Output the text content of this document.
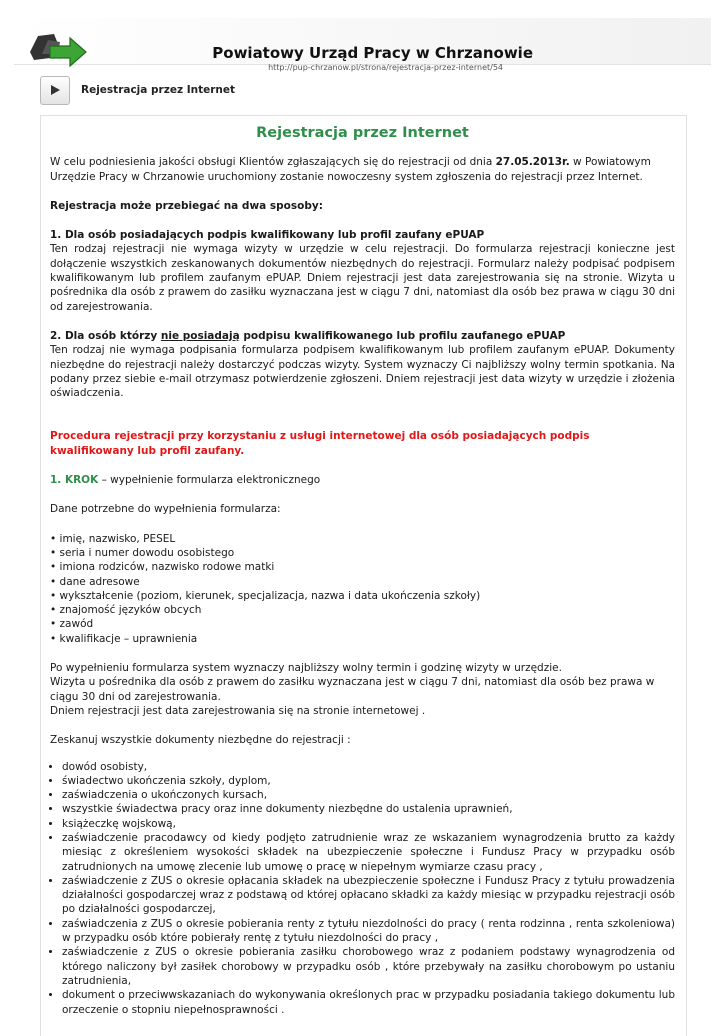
Powiatowy Urząd Pracy w Chrzanowie
http://pup-chrzanow.pl/strona/rejestracja-przez-internet/54
Rejestracja przez Internet
Rejestracja przez Internet

W celu podniesienia jakości obsługi Klientów zgłaszających się do rejestracji od dnia 27.05.2013r. w Powiatowym Urzędzie Pracy w Chrzanowie uruchomiony zostanie nowoczesny system zgłoszenia do rejestracji przez Internet.

Rejestracja może przebiegać na dwa sposoby:

1. Dla osób posiadających podpis kwalifikowany lub profil zaufany ePUAP

Ten rodzaj rejestracji nie wymaga wizyty w urzędzie w celu rejestracji. Do formularza rejestracji konieczne jest dołączenie wszystkich zeskanowanych dokumentów niezbędnych do rejestracji. Formularz należy podpisać podpisem kwalifikowanym lub profilem zaufanym ePUAP. Dniem rejestracji jest data zarejestrowania się na stronie. Wizyta u pośrednika dla osób z prawem do zasiłku wyznaczana jest w ciągu 7 dni, natomiast dla osób bez prawa w ciągu 30 dni od zarejestrowania.

2. Dla osób którzy nie posiadają podpisu kwalifikowanego lub profilu zaufanego ePUAP

Ten rodzaj nie wymaga podpisania formularza podpisem kwalifikowanym lub profilem zaufanym ePUAP. Dokumenty niezbędne do rejestracji należy dostarczyć podczas wizyty. System wyznaczy Ci najbliższy wolny termin spotkania. Na podany przez siebie e-mail otrzymasz potwierdzenie zgłoszeni. Dniem rejestracji jest data wizyty w urzędzie i złożenia oświadczenia.

Procedura rejestracji przy korzystaniu z usługi internetowej dla osób posiadających podpis kwalifikowany lub profil zaufany.

1. KROK – wypełnienie formularza elektronicznego

Dane potrzebne do wypełnienia formularza:

• imię, nazwisko, PESEL
• seria i numer dowodu osobistego
• imiona rodziców, nazwisko rodowe matki
• dane adresowe
• wykształcenie (poziom, kierunek, specjalizacja, nazwa i data ukończenia szkoły)
• znajomość języków obcych
• zawód
• kwalifikacje – uprawnienia

Po wypełnieniu formularza system wyznaczy najbliższy wolny termin i godzinę wizyty w urzędzie.

Wizyta u pośrednika dla osób z prawem do zasiłku wyznaczana jest w ciągu 7 dni, natomiast dla osób bez prawa w ciągu 30 dni od zarejestrowania.

Dniem rejestracji jest data zarejestrowania się na stronie internetowej .

Zeskanuj wszystkie dokumenty niezbędne do rejestracji :

• dowód osobisty,
• świadectwo ukończenia szkoły, dyplom,
• zaświadczenia o ukończonych kursach,
• wszystkie świadectwa pracy oraz inne dokumenty niezbędne do ustalenia uprawnień,
• książeczkę wojskową,
• zaświadczenie pracodawcy od kiedy podjęto zatrudnienie wraz ze wskazaniem wynagrodzenia brutto za każdy miesiąc z określeniem wysokości składek na ubezpieczenie społeczne i Fundusz Pracy w przypadku osób zatrudnionych na umowę zlecenie lub umowę o pracę w niepełnym wymiarze czasu pracy ,
• zaświadczenie z ZUS o okresie opłacania składek na ubezpieczenie społeczne i Fundusz Pracy z tytułu prowadzenia działalności gospodarczej wraz z podstawą od której opłacano składki za każdy miesiąc w przypadku rejestracji osób po działalności gospodarczej,
• zaświadczenia z ZUS o okresie pobierania renty z tytułu niezdolności do pracy ( renta rodzinna , renta szkoleniowa) w przypadku osób które pobierały rentę z tytułu niezdolności do pracy ,
• zaświadczenie z ZUS o okresie pobierania zasiłku chorobowego wraz z podaniem podstawy wynagrodzenia od którego naliczony był zasiłek chorobowy w przypadku osób , które przebywały na zasiłku chorobowym po ustaniu zatrudnienia,
• dokument o przeciwwskazaniach do wykonywania określonych prac w przypadku posiadania takiego dokumentu lub orzeczenie o stopniu niepełnosprawności .
